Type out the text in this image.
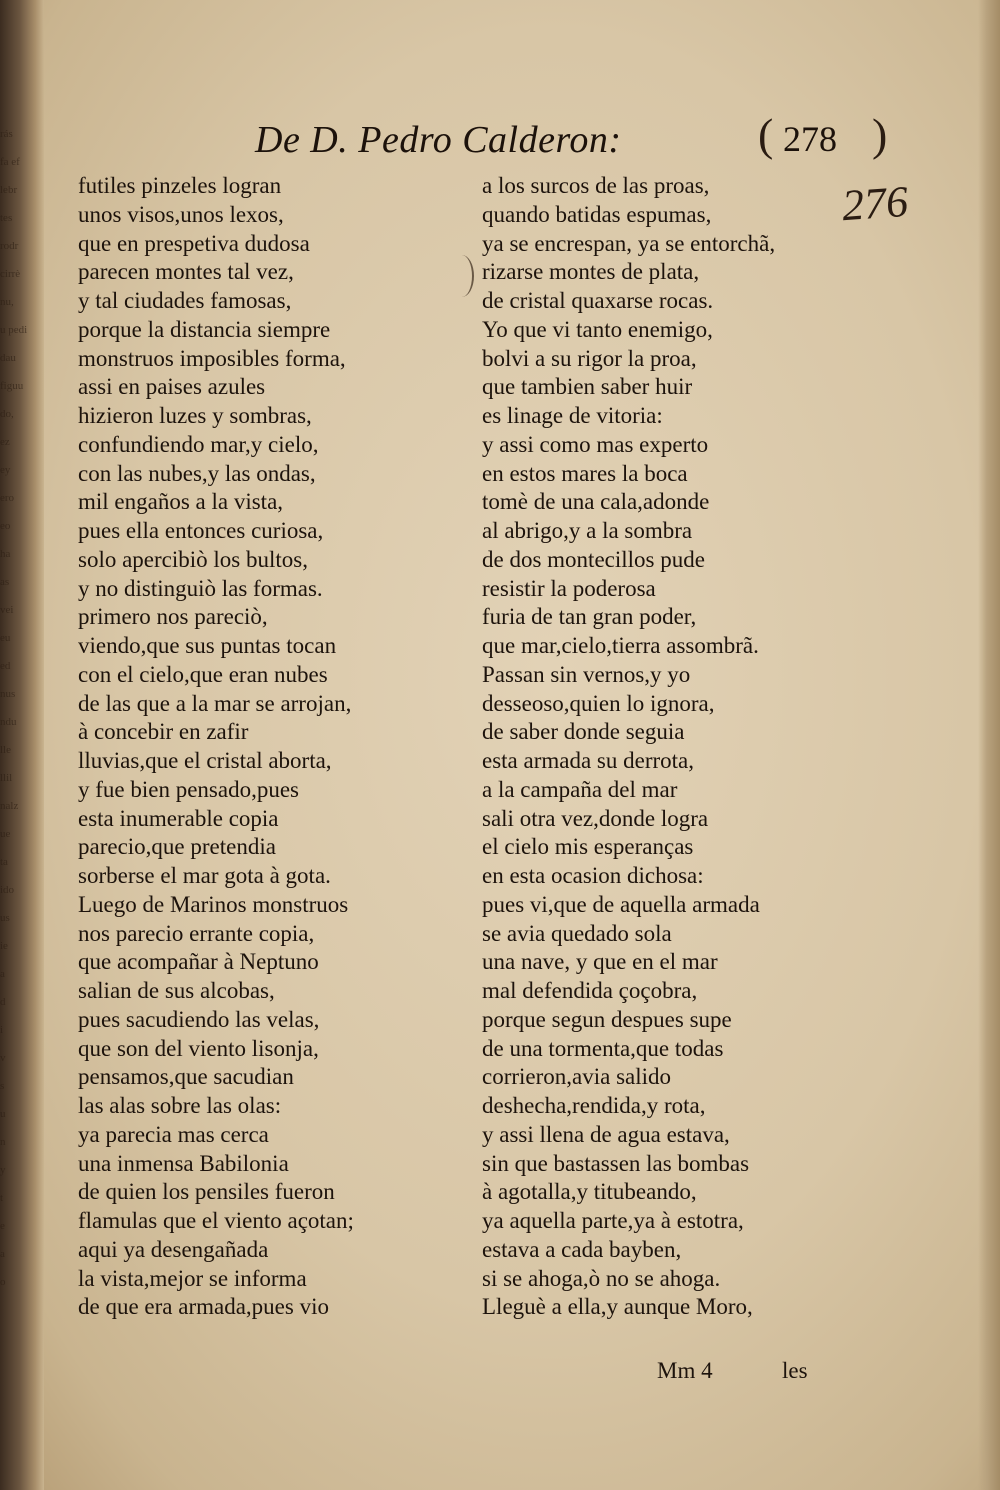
rás
fa ef
lebr
tes
rodr
cirrè
nu,
u pedi
dau
figuu
do,
ez
ey
ero
eo
ha
as
vei
eu
ed
nus
ndu
lle
llil
nalz
ue
ta
ido
us
ie
a
d
i
v
s
u
n
y
t
e
a
o
De D. Pedro Calderon:	( 278 )
276
futiles pinzeles logran
unos visos,unos lexos,
que en prespetiva dudosa
parecen montes tal vez,
y tal ciudades famosas,
porque la distancia siempre
monstruos imposibles forma,
assi en paises azules
hizieron luzes y sombras,
confundiendo mar,y cielo,
con las nubes,y las ondas,
mil engaños a la vista,
pues ella entonces curiosa,
solo apercibiò los bultos,
y no distinguiò las formas.
primero nos pareciò,
viendo,que sus puntas tocan
con el cielo,que eran nubes
de las que a la mar se arrojan,
à concebir en zafir
lluvias,que el cristal aborta,
y fue bien pensado,pues
esta inumerable copia
parecio,que pretendia
sorberse el mar gota à gota.
Luego de Marinos monstruos
nos parecio errante copia,
que acompañar à Neptuno
salian de sus alcobas,
pues sacudiendo las velas,
que son del viento lisonja,
pensamos,que sacudian
las alas sobre las olas:
ya parecia mas cerca
una inmensa Babilonia
de quien los pensiles fueron
flamulas que el viento açotan;
aqui ya desengañada
la vista,mejor se informa
de que era armada,pues vio
a los surcos de las proas,
quando batidas espumas,
ya se encrespan, ya se entorchã,
rizarse montes de plata,
de cristal quaxarse rocas.
Yo que vi tanto enemigo,
bolvi a su rigor la proa,
que tambien saber huir
es linage de vitoria:
y assi como mas experto
en estos mares la boca
tomè de una cala,adonde
al abrigo,y a la sombra
de dos montecillos pude
resistir la poderosa
furia de tan gran poder,
que mar,cielo,tierra assombrã.
Passan sin vernos,y yo
desseoso,quien lo ignora,
de saber donde seguia
esta armada su derrota,
a la campaña del mar
sali otra vez,donde logra
el cielo mis esperanças
en esta ocasion dichosa:
pues vi,que de aquella armada
se avia quedado sola
una nave, y que en el mar
mal defendida çoçobra,
porque segun despues supe
de una tormenta,que todas
corrieron,avia salido
deshecha,rendida,y rota,
y assi llena de agua estava,
sin que bastassen las bombas
à agotalla,y titubeando,
ya aquella parte,ya à estotra,
estava a cada bayben,
si se ahoga,ò no se ahoga.
Lleguè a ella,y aunque Moro,
Mm 4	les
